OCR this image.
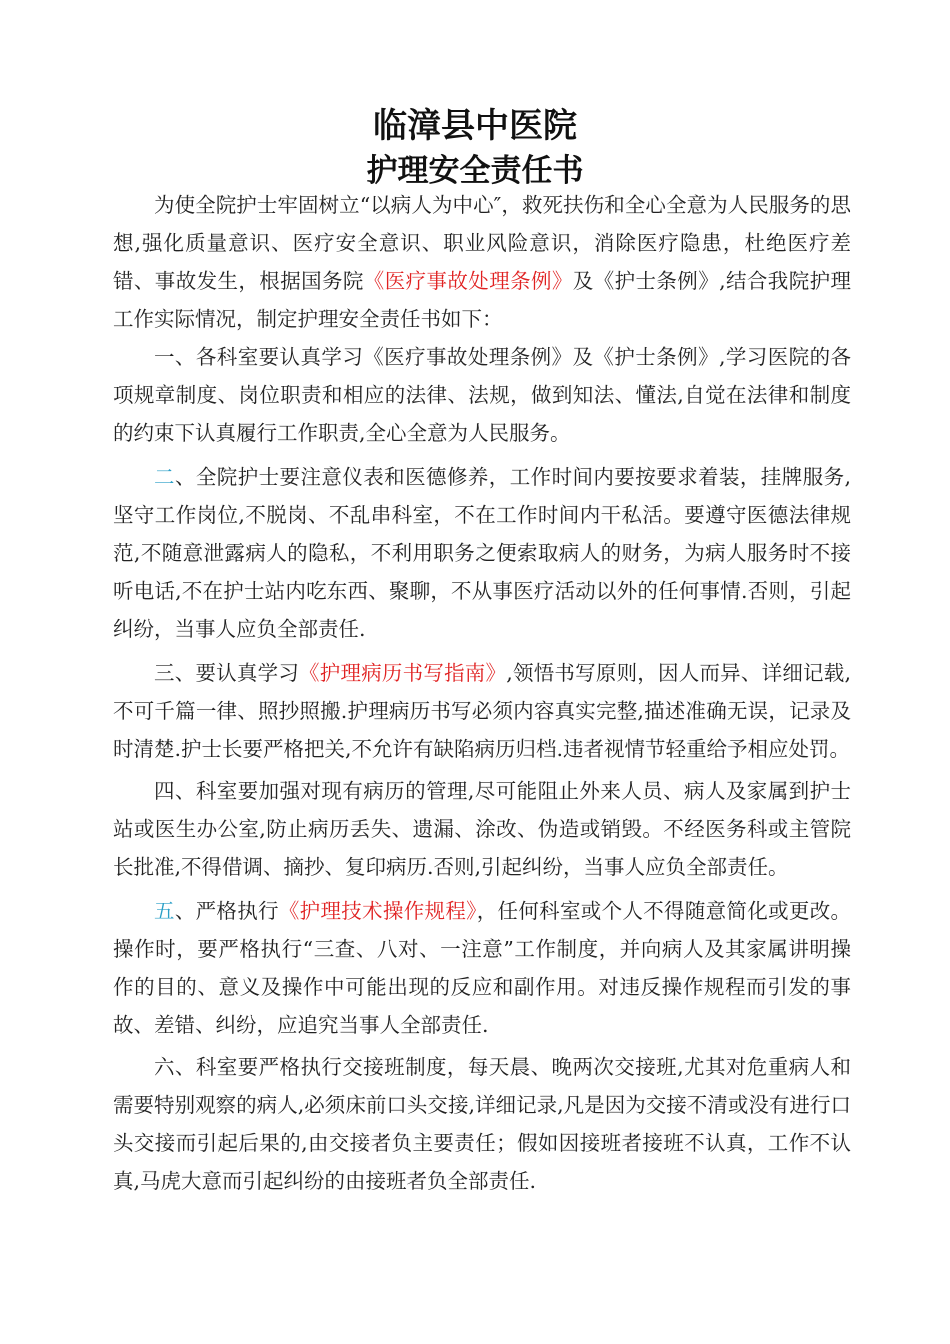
临漳县中医院
护理安全责任书

为使全院护士牢固树立“以病人为中心″，救死扶伤和全心全意为人民服务的思想,强化质量意识、医疗安全意识、职业风险意识，消除医疗隐患，杜绝医疗差错、事故发生，根据国务院《医疗事故处理条例》及《护士条例》,结合我院护理工作实际情况，制定护理安全责任书如下：

一、各科室要认真学习《医疗事故处理条例》及《护士条例》,学习医院的各项规章制度、岗位职责和相应的法律、法规，做到知法、懂法,自觉在法律和制度的约束下认真履行工作职责,全心全意为人民服务。

二、全院护士要注意仪表和医德修养，工作时间内要按要求着装，挂牌服务,坚守工作岗位,不脱岗、不乱串科室，不在工作时间内干私活。要遵守医德法律规范,不随意泄露病人的隐私，不利用职务之便索取病人的财务，为病人服务时不接听电话,不在护士站内吃东西、聚聊，不从事医疗活动以外的任何事情.否则，引起纠纷，当事人应负全部责任.

三、要认真学习《护理病历书写指南》,领悟书写原则，因人而异、详细记载,不可千篇一律、照抄照搬.护理病历书写必须内容真实完整,描述准确无误，记录及时清楚.护士长要严格把关,不允许有缺陷病历归档.违者视情节轻重给予相应处罚。

四、科室要加强对现有病历的管理,尽可能阻止外来人员、病人及家属到护士站或医生办公室,防止病历丢失、遗漏、涂改、伪造或销毁。不经医务科或主管院长批准,不得借调、摘抄、复印病历.否则,引起纠纷，当事人应负全部责任。

五、严格执行《护理技术操作规程》，任何科室或个人不得随意简化或更改。操作时，要严格执行“三查、八对、一注意”工作制度，并向病人及其家属讲明操作的目的、意义及操作中可能出现的反应和副作用。对违反操作规程而引发的事故、差错、纠纷，应追究当事人全部责任.

六、科室要严格执行交接班制度，每天晨、晚两次交接班,尤其对危重病人和需要特别观察的病人,必须床前口头交接,详细记录,凡是因为交接不清或没有进行口头交接而引起后果的,由交接者负主要责任；假如因接班者接班不认真，工作不认真,马虎大意而引起纠纷的由接班者负全部责任.
